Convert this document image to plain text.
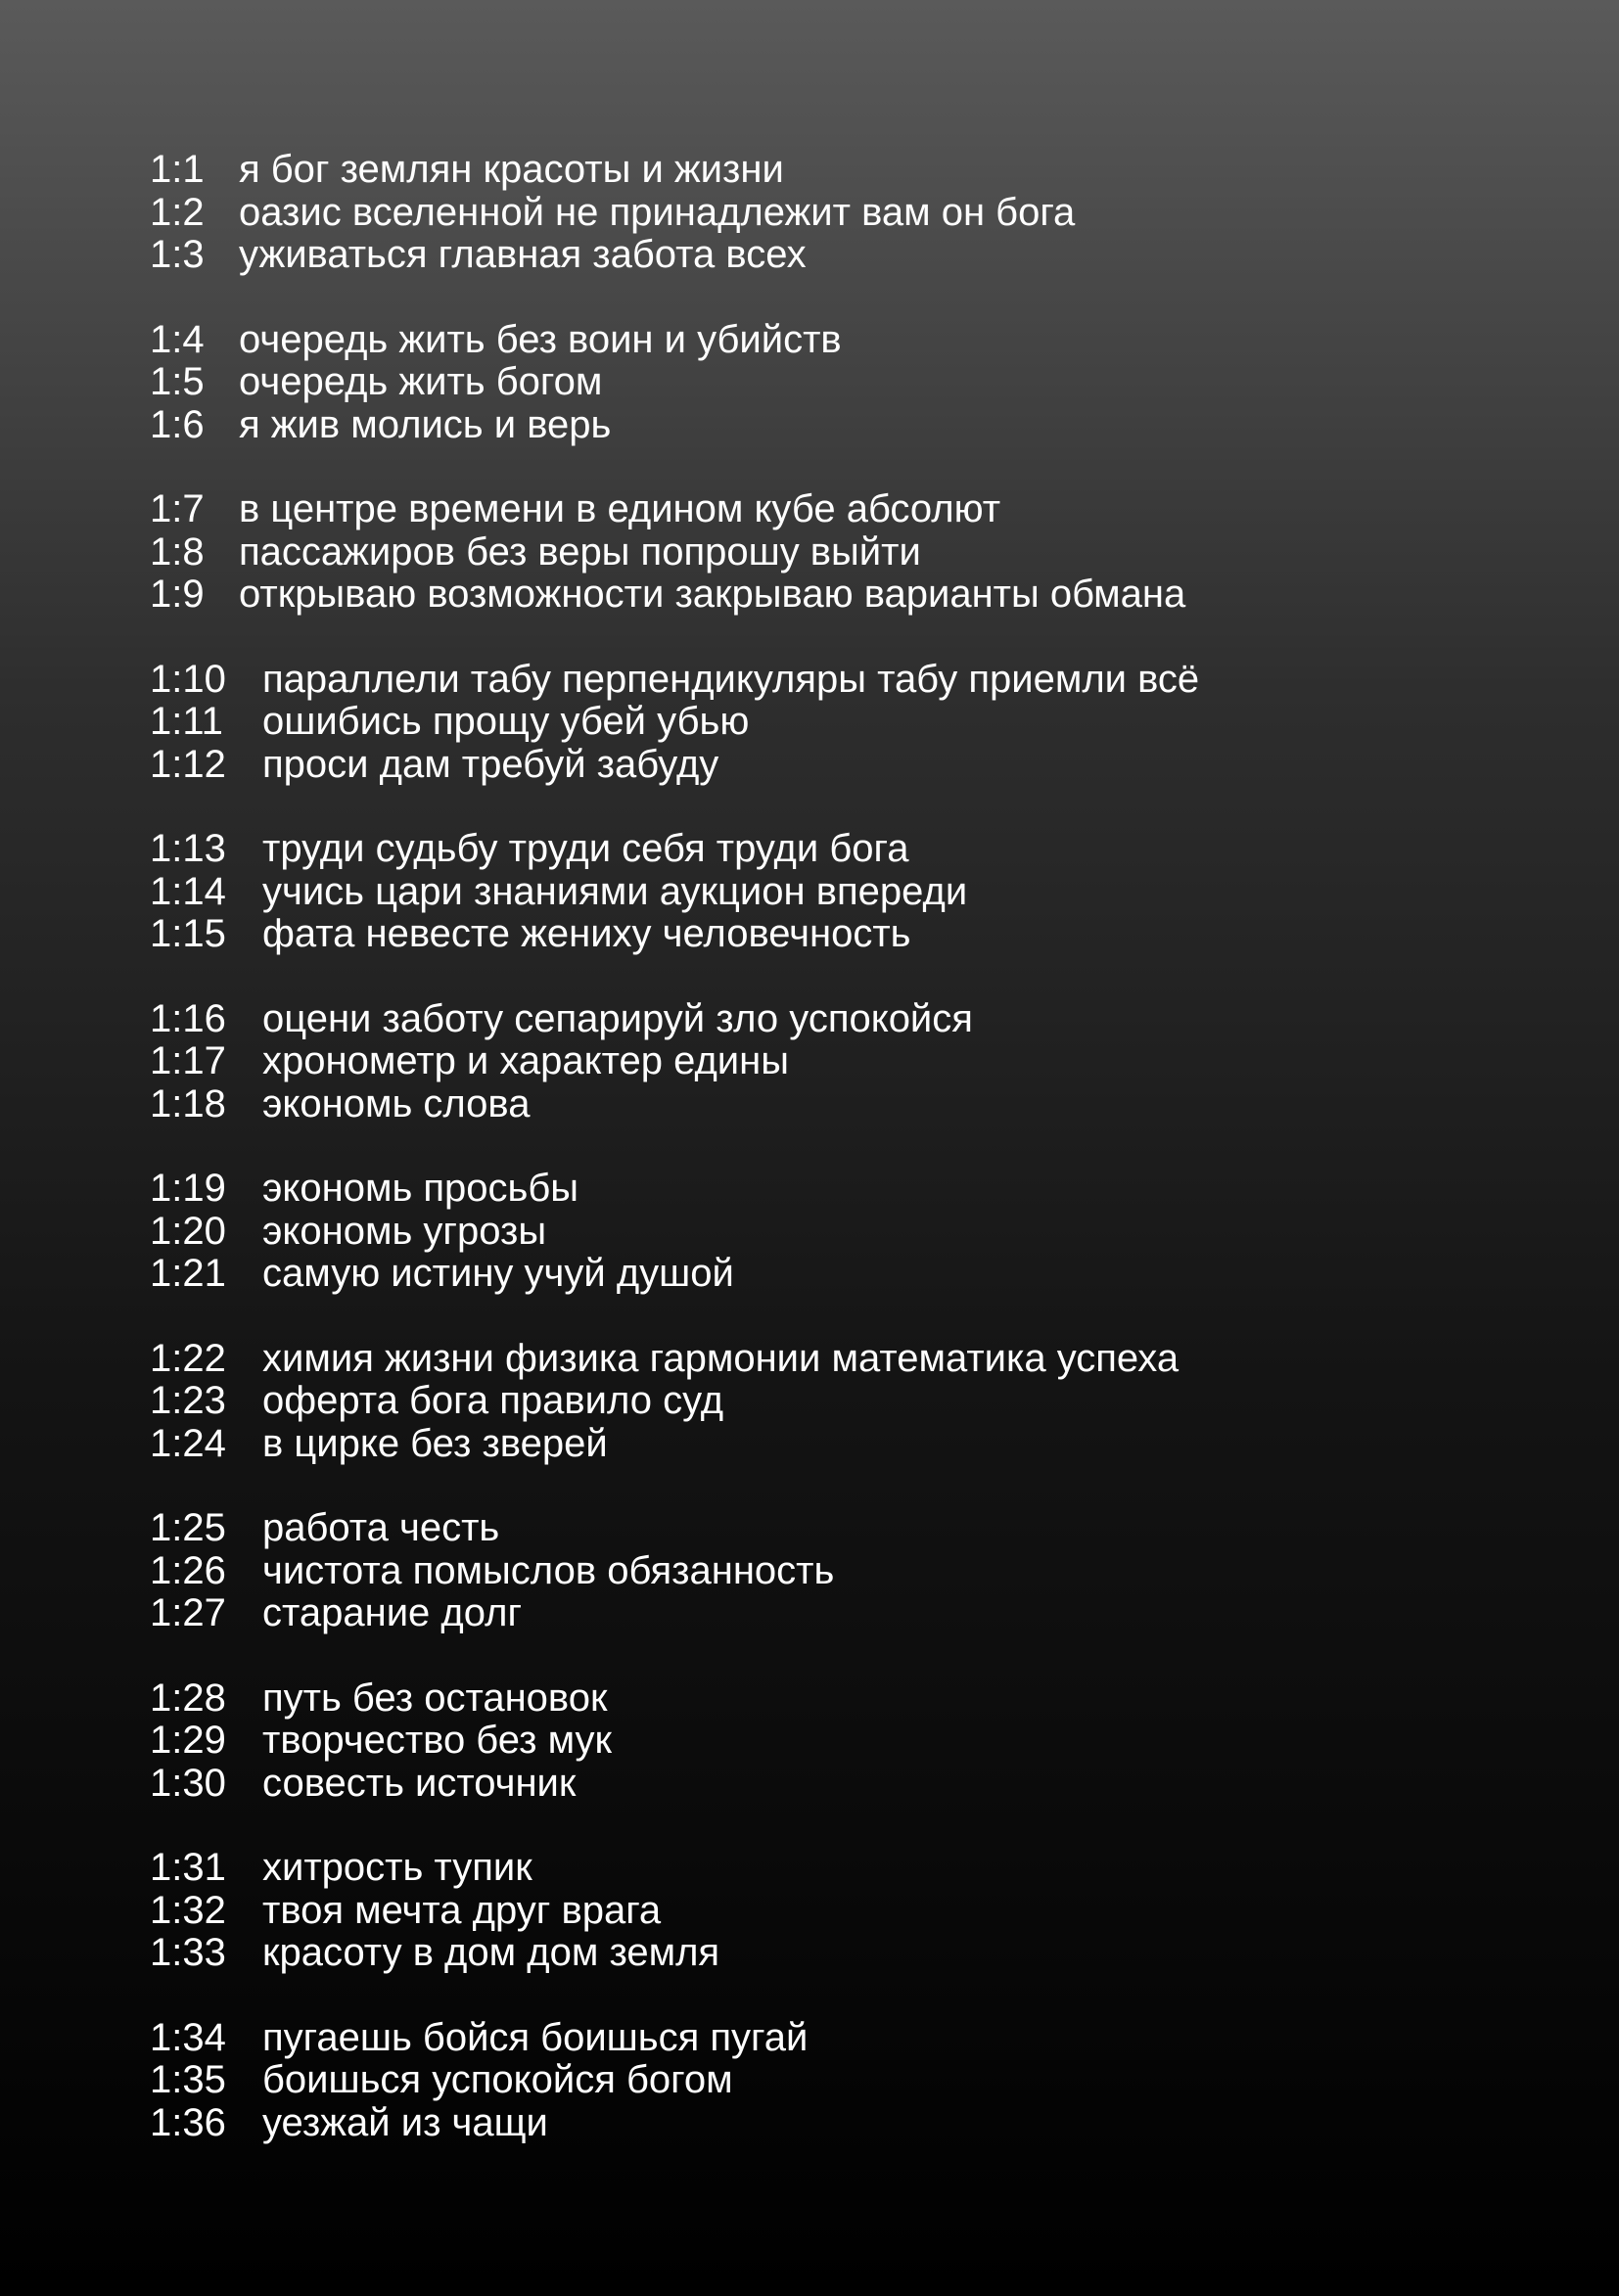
1:1 я бог землян красоты и жизни
1:2 оазис вселенной не принадлежит вам он бога
1:3 уживаться главная забота всех
1:4 очередь жить без воин и убийств
1:5 очередь жить богом
1:6 я жив молись и верь
1:7 в центре времени в едином кубе абсолют
1:8 пассажиров без веры попрошу выйти
1:9 открываю возможности закрываю варианты обмана
1:10 параллели табу перпендикуляры табу приемли всё
1:11	ошибись прощу убей убью
1:12 проси дам требуй забуду
1:13 труди судьбу труди себя труди бога
1:14 учись цари знаниями аукцион впереди
1:15 фата невесте жениху человечность
1:16 оцени заботу сепарируй зло успокойся
1:17 хронометр и характер едины
1:18 экономь слова
1:19 экономь просьбы
1:20 экономь угрозы
1:21 самую истину учуй душой
1:22 химия жизни физика гармонии математика успеха
1:23 оферта бога правило суд
1:24 в цирке без зверей
1:25 работа честь
1:26 чистота помыслов обязанность
1:27 старание долг
1:28 путь без остановок
1:29 творчество без мук
1:30 совесть источник
1:31 хитрость тупик
1:32 твоя мечта друг врага
1:33 красоту в дом дом земля
1:34 пугаешь бойся боишься пугай
1:35 боишься успокойся богом
1:36 уезжай из чащи
